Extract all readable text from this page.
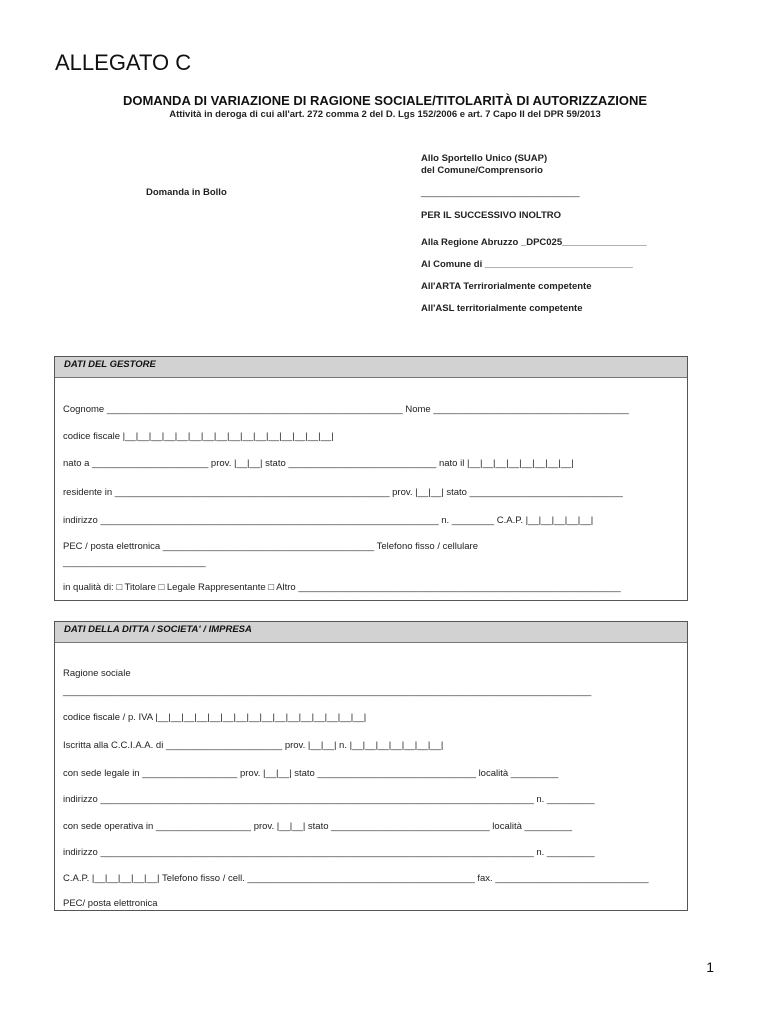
ALLEGATO C
DOMANDA DI VARIAZIONE DI RAGIONE SOCIALE/TITOLARITÀ DI AUTORIZZAZIONE
Attività in deroga di cui all'art. 272 comma 2 del D. Lgs 152/2006 e art. 7 Capo II del DPR 59/2013
Allo Sportello Unico (SUAP)
del Comune/Comprensorio
Domanda in Bollo	______________________________
PER IL SUCCESSIVO INOLTRO
Alla Regione Abruzzo _DPC025________________
Al Comune di ____________________________
All'ARTA Terrirorialmente competente
All'ASL territorialmente competente
DATI DEL GESTORE
Cognome ________________________________________________________ Nome _____________________________________
codice fiscale |__|__|__|__|__|__|__|__|__|__|__|__|__|__|__|__|
nato a ______________________ prov. |__|__| stato ____________________________ nato il |__|__|__|__|__|__|__|__|
residente in ____________________________________________________ prov. |__|__| stato _____________________________
indirizzo ________________________________________________________________ n. ________ C.A.P. |__|__|__|__|__|
PEC / posta elettronica ________________________________________ Telefono fisso / cellulare
___________________________
in qualità di: □ Titolare □ Legale Rappresentante □ Altro _____________________________________________________________
DATI DELLA DITTA / SOCIETA' / IMPRESA
Ragione sociale
____________________________________________________________________________________________________
codice fiscale / p. IVA |__|__|__|__|__|__|__|__|__|__|__|__|__|__|__|__|
Iscritta alla C.C.I.A.A. di ______________________ prov. |__|__| n. |__|__|__|__|__|__|__|
con sede legale in __________________ prov. |__|__| stato ______________________________ località _________
indirizzo __________________________________________________________________________________ n. _________
con sede operativa in __________________ prov. |__|__| stato ______________________________ località _________
indirizzo __________________________________________________________________________________ n. _________
C.A.P. |__|__|__|__|__| Telefono fisso / cell. ___________________________________________ fax. _____________________________
PEC/ posta elettronica
1
